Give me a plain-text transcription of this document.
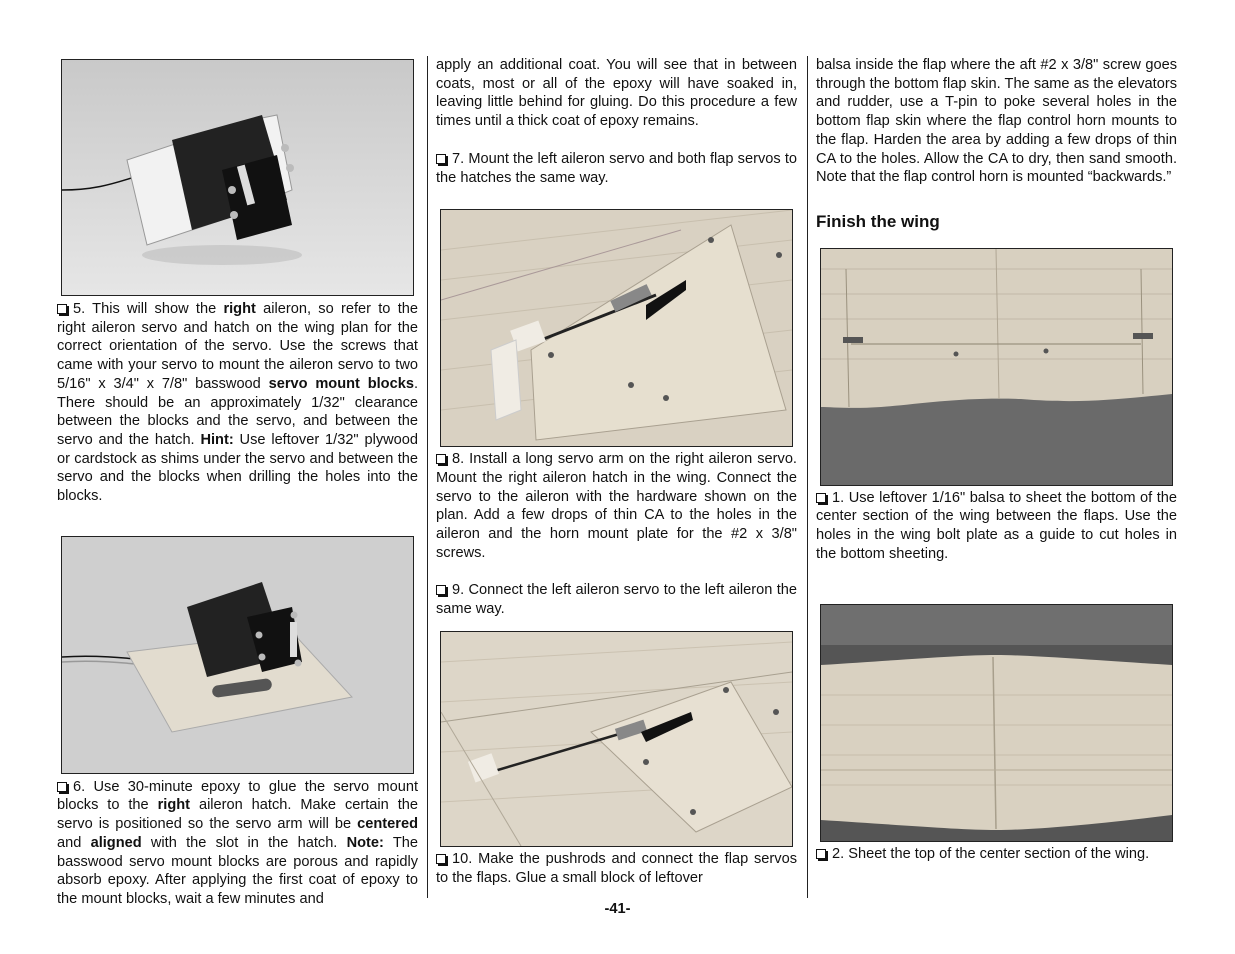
5. This will show the right aileron, so refer to the right aileron servo and hatch on the wing plan for the correct orientation of the servo. Use the screws that came with your servo to mount the aileron servo to two 5/16" x 3/4" x 7/8" basswood servo mount blocks. There should be an approximately 1/32" clearance between the blocks and the servo, and between the servo and the hatch. Hint: Use leftover 1/32" plywood or cardstock as shims under the servo and between the servo and the blocks when drilling the holes into the blocks.

6. Use 30-minute epoxy to glue the servo mount blocks to the right aileron hatch. Make certain the servo is positioned so the servo arm will be centered and aligned with the slot in the hatch. Note: The basswood servo mount blocks are porous and rapidly absorb epoxy. After applying the first coat of epoxy to the mount blocks, wait a few minutes and

apply an additional coat. You will see that in between coats, most or all of the epoxy will have soaked in, leaving little behind for gluing. Do this procedure a few times until a thick coat of epoxy remains.

7. Mount the left aileron servo and both flap servos to the hatches the same way.

8. Install a long servo arm on the right aileron servo. Mount the right aileron hatch in the wing. Connect the servo to the aileron with the hardware shown on the plan. Add a few drops of thin CA to the holes in the aileron and the horn mount plate for the #2 x 3/8" screws.

9. Connect the left aileron servo to the left aileron the same way.

10. Make the pushrods and connect the flap servos to the flaps. Glue a small block of leftover

balsa inside the flap where the aft #2 x 3/8" screw goes through the bottom flap skin. The same as the elevators and rudder, use a T-pin to poke several holes in the bottom flap skin where the flap control horn mounts to the flap. Harden the area by adding a few drops of thin CA to the holes. Allow the CA to dry, then sand smooth. Note that the flap control horn is mounted “backwards.”

Finish the wing

1. Use leftover 1/16" balsa to sheet the bottom of the center section of the wing between the flaps. Use the holes in the wing bolt plate as a guide to cut holes in the bottom sheeting.

2. Sheet the top of the center section of the wing.

-41-
